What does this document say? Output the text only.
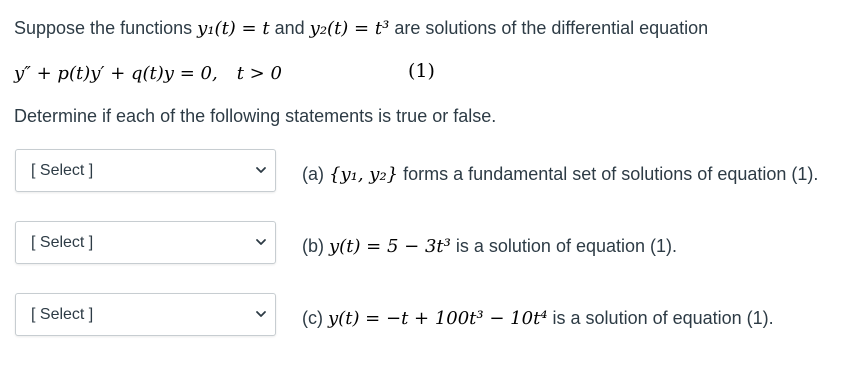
Suppose the functions y₁(t) = t and y₂(t) = t³ are solutions of the differential equation
y″ + p(t)y′ + q(t)y = 0, t > 0	(1)
Determine if each of the following statements is true or false.
[ Select ]	(a) {y₁, y₂} forms a fundamental set of solutions of equation (1).
[ Select ]	(b) y(t) = 5 − 3t³ is a solution of equation (1).
[ Select ]	(c) y(t) = −t + 100t³ − 10t⁴ is a solution of equation (1).
